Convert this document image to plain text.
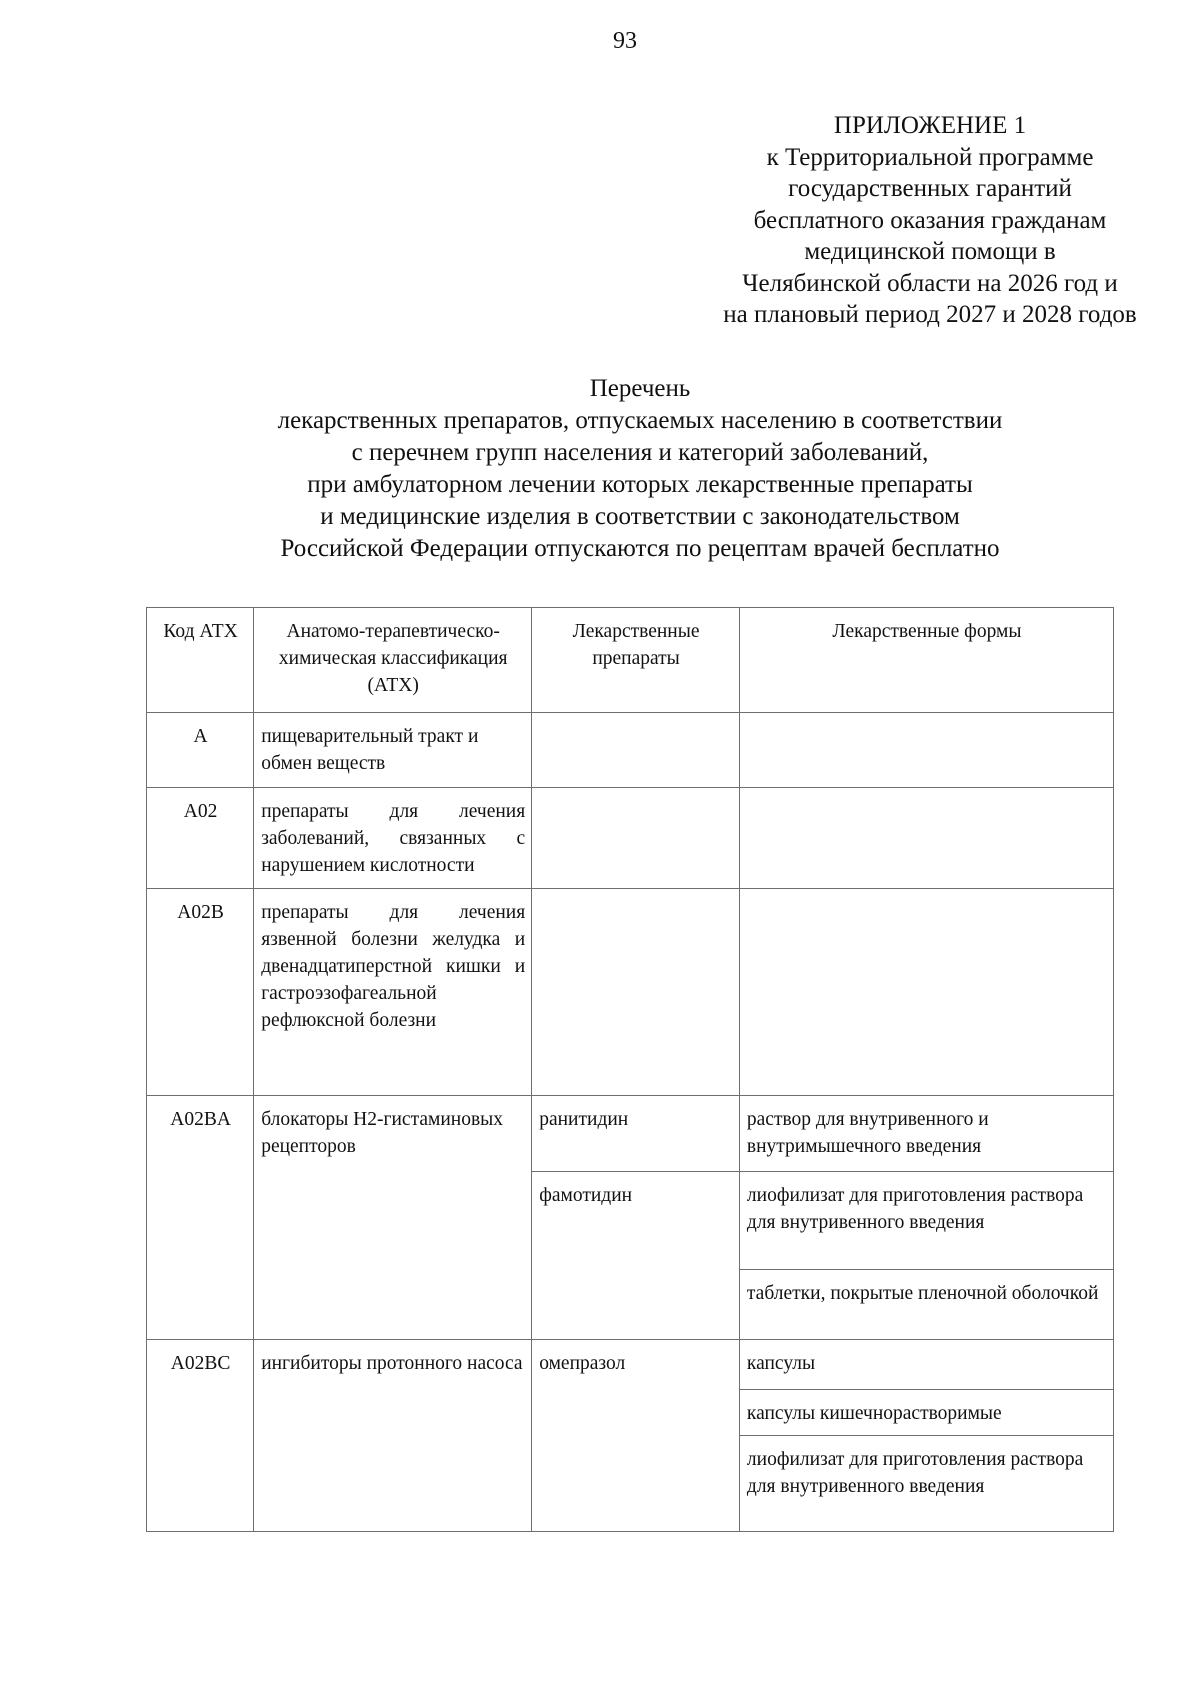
93
ПРИЛОЖЕНИЕ 1
к Территориальной программе
государственных гарантий
бесплатного оказания гражданам
медицинской помощи в
Челябинской области на 2026 год и
на плановый период 2027 и 2028 годов
Перечень
лекарственных препаратов, отпускаемых населению в соответствии
с перечнем групп населения и категорий заболеваний,
при амбулаторном лечении которых лекарственные препараты
и медицинские изделия в соответствии с законодательством
Российской Федерации отпускаются по рецептам врачей бесплатно
Код АТХ	Анатомо-терапевтическо-химическая классификация (АТХ)	Лекарственные препараты	Лекарственные формы
A	пищеварительный тракт и обмен веществ		
A02	препараты для лечения заболеваний, связанных с нарушением кислотности		
A02B	препараты для лечения язвенной болезни желудка и двенадцатиперстной кишки и гастроэзофагеальной рефлюксной болезни		
A02BA	блокаторы H2-гистаминовых рецепторов	ранитидин	раствор для внутривенного и внутримышечного введения
		фамотидин	лиофилизат для приготовления раствора для внутривенного введения
			таблетки, покрытые пленочной оболочкой
A02BC	ингибиторы протонного насоса	омепразол	капсулы
			капсулы кишечнорастворимые
			лиофилизат для приготовления раствора для внутривенного введения
